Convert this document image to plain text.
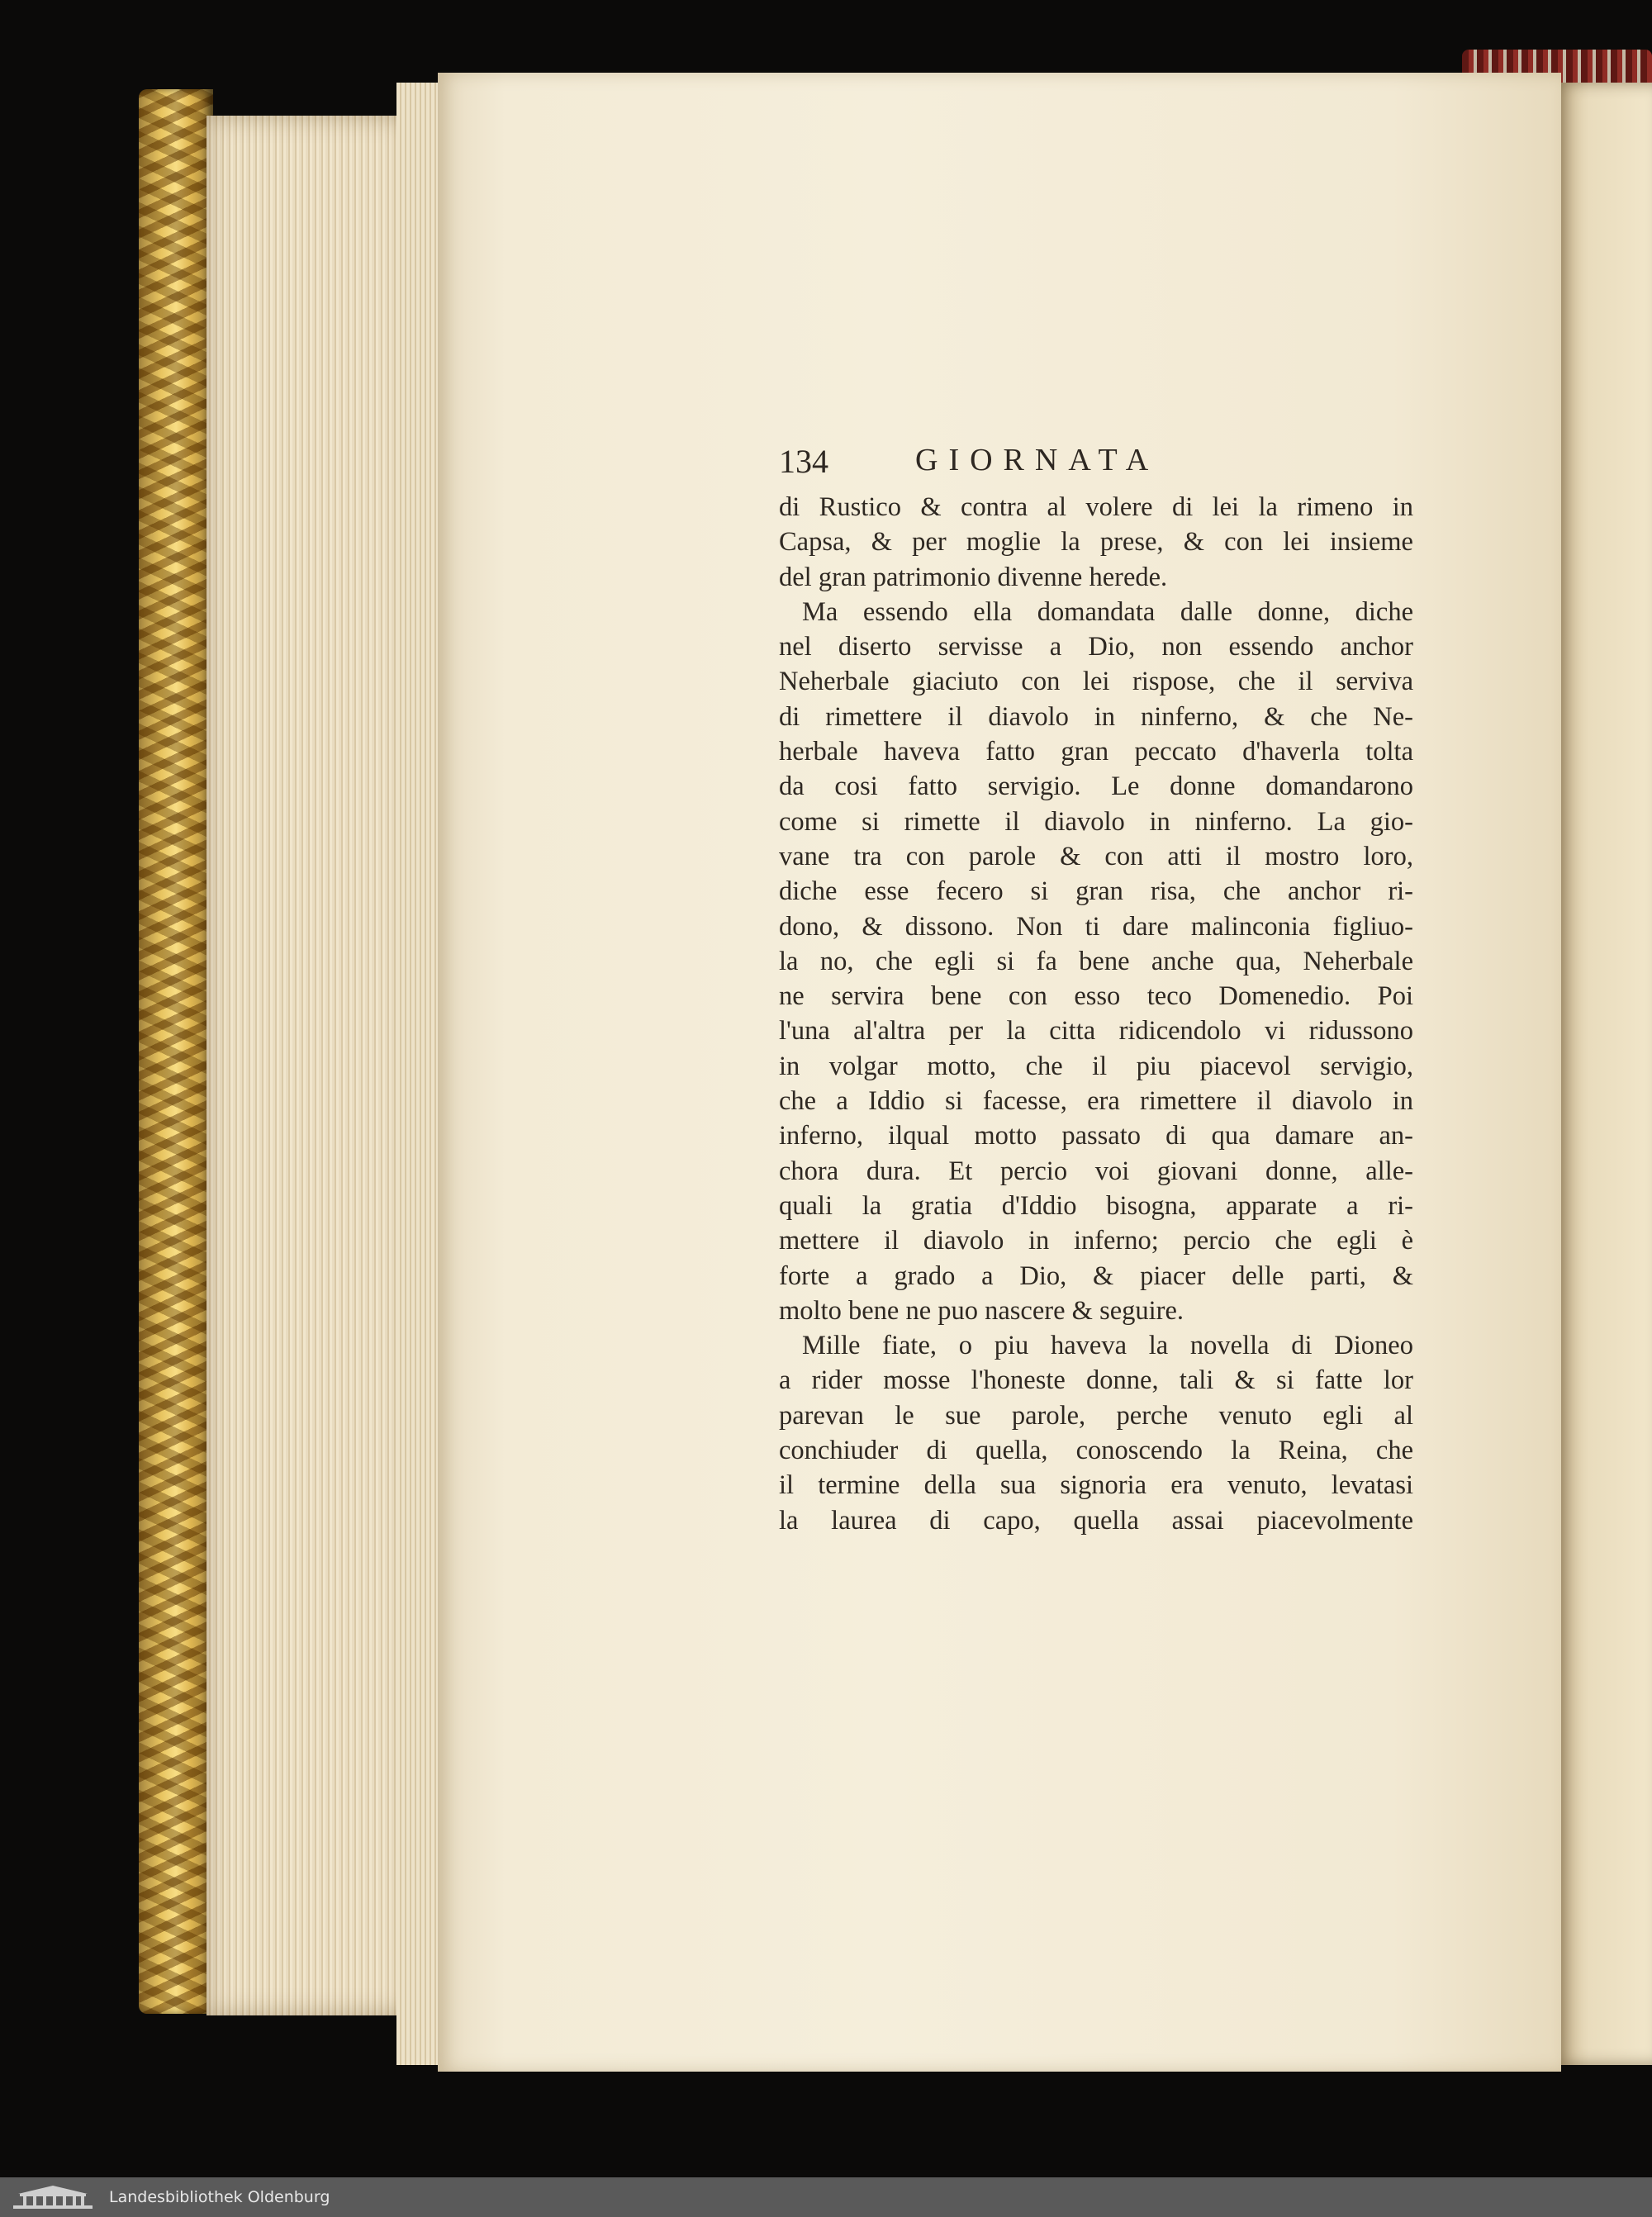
134	GIORNATA
di Rustico & contra al volere di lei la rimeno in
Capsa, & per moglie la prese, & con lei insieme
del gran patrimonio divenne herede.
Ma essendo ella domandata dalle donne, diche
nel diserto servisse a Dio, non essendo anchor
Neherbale giaciuto con lei rispose, che il serviva
di rimettere il diavolo in ninferno, & che Ne-
herbale haveva fatto gran peccato d'haverla tolta
da cosi fatto servigio. Le donne domandarono
come si rimette il diavolo in ninferno. La gio-
vane tra con parole & con atti il mostro loro,
diche esse fecero si gran risa, che anchor ri-
dono, & dissono. Non ti dare malinconia figliuo-
la no, che egli si fa bene anche qua, Neherbale
ne servira bene con esso teco Domenedio. Poi
l'una al'altra per la citta ridicendolo vi ridussono
in volgar motto, che il piu piacevol servigio,
che a Iddio si facesse, era rimettere il diavolo in
inferno, ilqual motto passato di qua damare an-
chora dura. Et percio voi giovani donne, alle-
quali la gratia d'Iddio bisogna, apparate a ri-
mettere il diavolo in inferno; percio che egli è
forte a grado a Dio, & piacer delle parti, &
molto bene ne puo nascere & seguire.
Mille fiate, o piu haveva la novella di Dioneo
a rider mosse l'honeste donne, tali & si fatte lor
parevan le sue parole, perche venuto egli al
conchiuder di quella, conoscendo la Reina, che
il termine della sua signoria era venuto, levatasi
la laurea di capo, quella assai piacevolmente
Landesbibliothek Oldenburg
